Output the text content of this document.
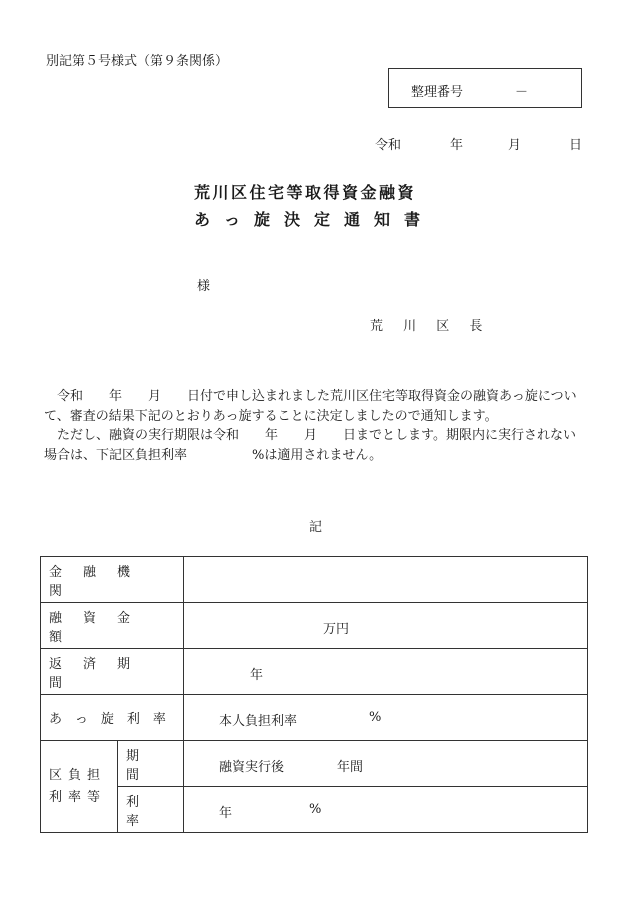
別記第５号様式（第９条関係）
整理番号	－
令和	年	月	日
荒川区住宅等取得資金融資
あ っ 旋 決 定 通 知 書
様
荒 川 区 長

　令和　　年　　月　　日付で申し込まれました荒川区住宅等取得資金の融資あっ旋について、審査の結果下記のとおりあっ旋することに決定しましたので通知します。

　ただし、融資の実行期限は令和　　年　　月　　日までとします。期限内に実行されない場合は、下記区負担利率　　　　　%は適用されません。

記
金融機関		
融資金額		万円

返済期間		年

あっ旋利率		本人負担利率 %

区負担
利率等	期間	融資実行後 年間

	利率	年 %
